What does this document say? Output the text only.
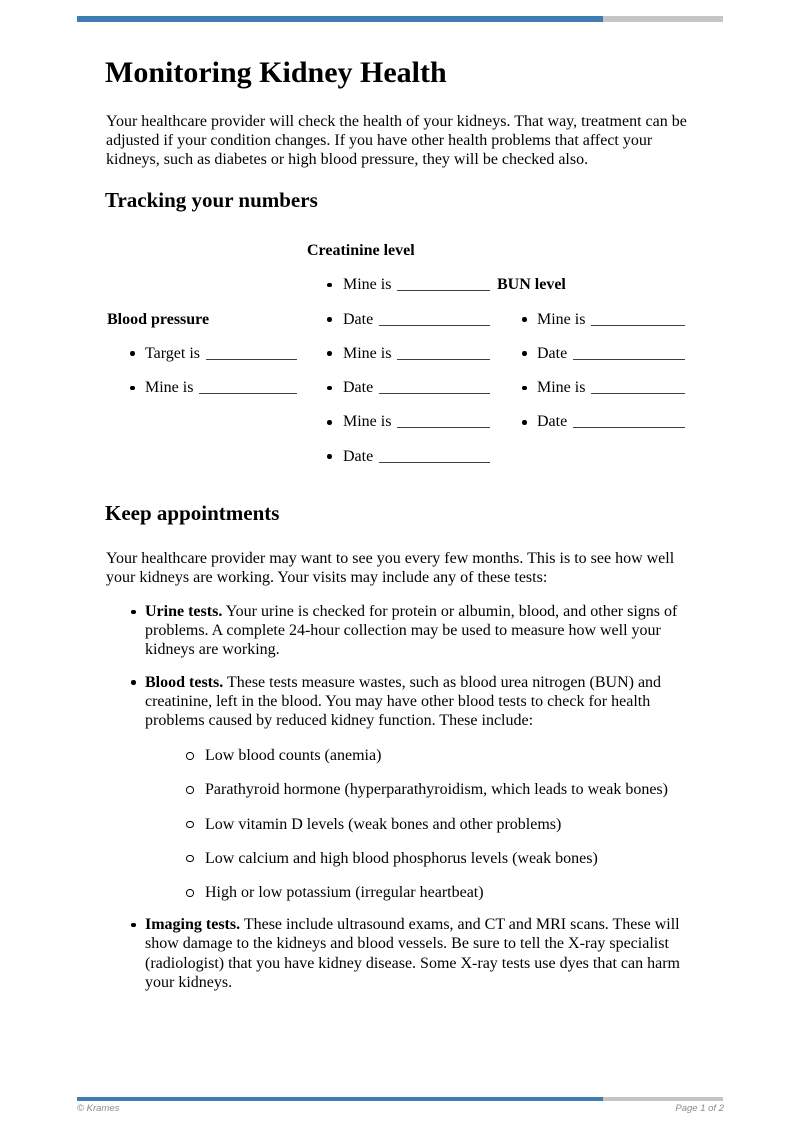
Monitoring Kidney Health
Your healthcare provider will check the health of your kidneys. That way, treatment can be adjusted if your condition changes. If you have other health problems that affect your kidneys, such as diabetes or high blood pressure, they will be checked also.
Tracking your numbers
Blood pressure
Target is
Mine is
Creatinine level
Mine is
Date
Mine is
Date
Mine is
Date
BUN level
Mine is
Date
Mine is
Date
Keep appointments
Your healthcare provider may want to see you every few months. This is to see how well your kidneys are working. Your visits may include any of these tests:
Urine tests. Your urine is checked for protein or albumin, blood, and other signs of problems. A complete 24-hour collection may be used to measure how well your kidneys are working.
Blood tests. These tests measure wastes, such as blood urea nitrogen (BUN) and creatinine, left in the blood. You may have other blood tests to check for health problems caused by reduced kidney function. These include:
Low blood counts (anemia)
Parathyroid hormone (hyperparathyroidism, which leads to weak bones)
Low vitamin D levels (weak bones and other problems)
Low calcium and high blood phosphorus levels (weak bones)
High or low potassium (irregular heartbeat)
Imaging tests. These include ultrasound exams, and CT and MRI scans. These will show damage to the kidneys and blood vessels. Be sure to tell the X-ray specialist (radiologist) that you have kidney disease. Some X-ray tests use dyes that can harm your kidneys.
© Krames	Page 1 of 2
